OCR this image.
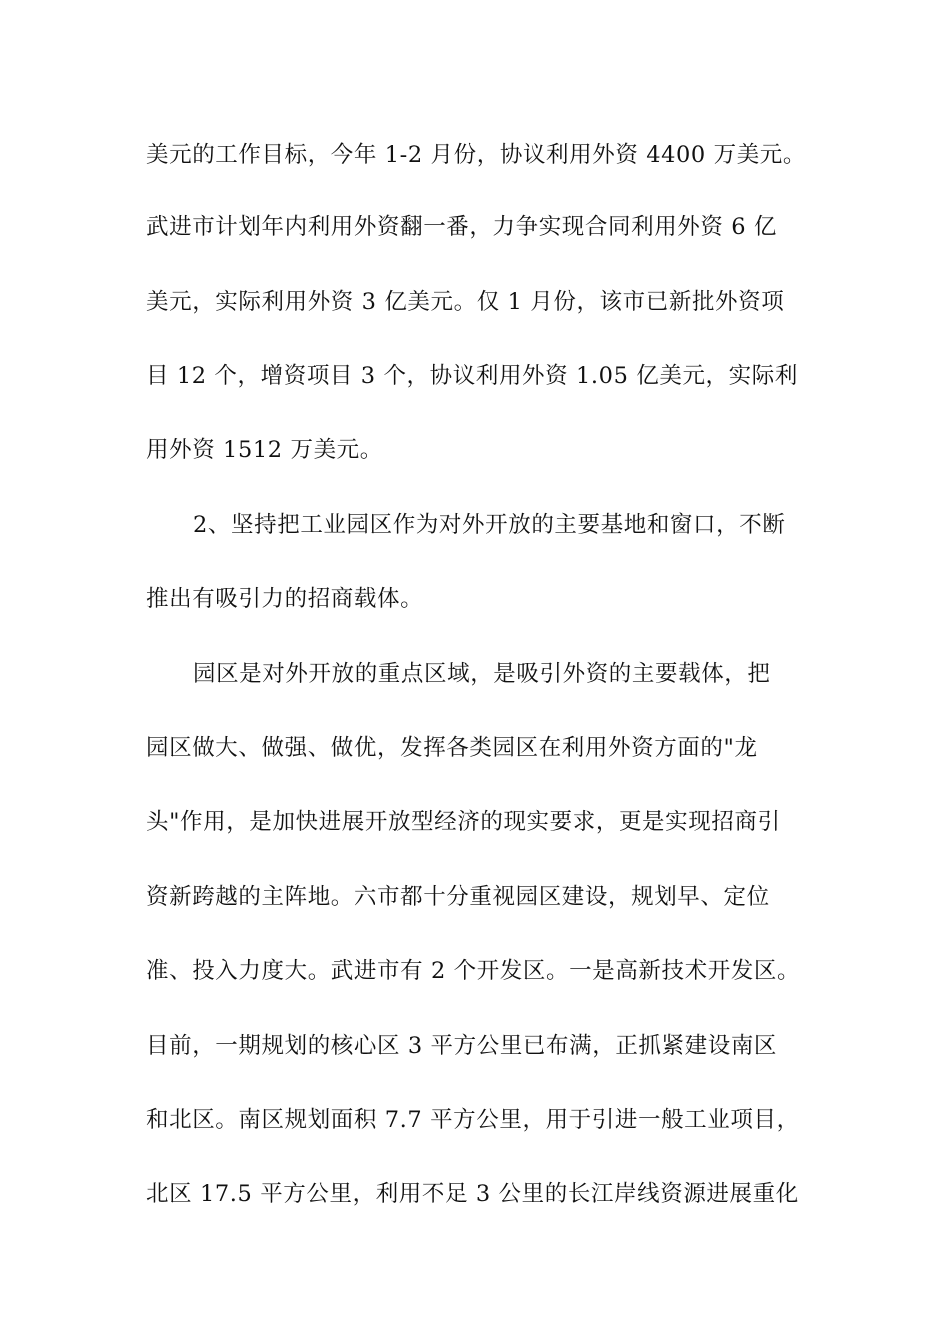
美元的工作目标，今年 1-2 月份，协议利用外资 4400 万美元。
武进市计划年内利用外资翻一番，力争实现合同利用外资 6 亿
美元，实际利用外资 3 亿美元。仅 1 月份，该市已新批外资项
目 12 个，增资项目 3 个，协议利用外资 1.05 亿美元，实际利
用外资 1512 万美元。
2、坚持把工业园区作为对外开放的主要基地和窗口，不断
推出有吸引力的招商载体。
园区是对外开放的重点区域，是吸引外资的主要载体，把
园区做大、做强、做优，发挥各类园区在利用外资方面的"龙
头"作用，是加快进展开放型经济的现实要求，更是实现招商引
资新跨越的主阵地。六市都十分重视园区建设，规划早、定位
准、投入力度大。武进市有 2 个开发区。一是高新技术开发区。
目前，一期规划的核心区 3 平方公里已布满，正抓紧建设南区
和北区。南区规划面积 7.7 平方公里，用于引进一般工业项目，
北区 17.5 平方公里，利用不足 3 公里的长江岸线资源进展重化
